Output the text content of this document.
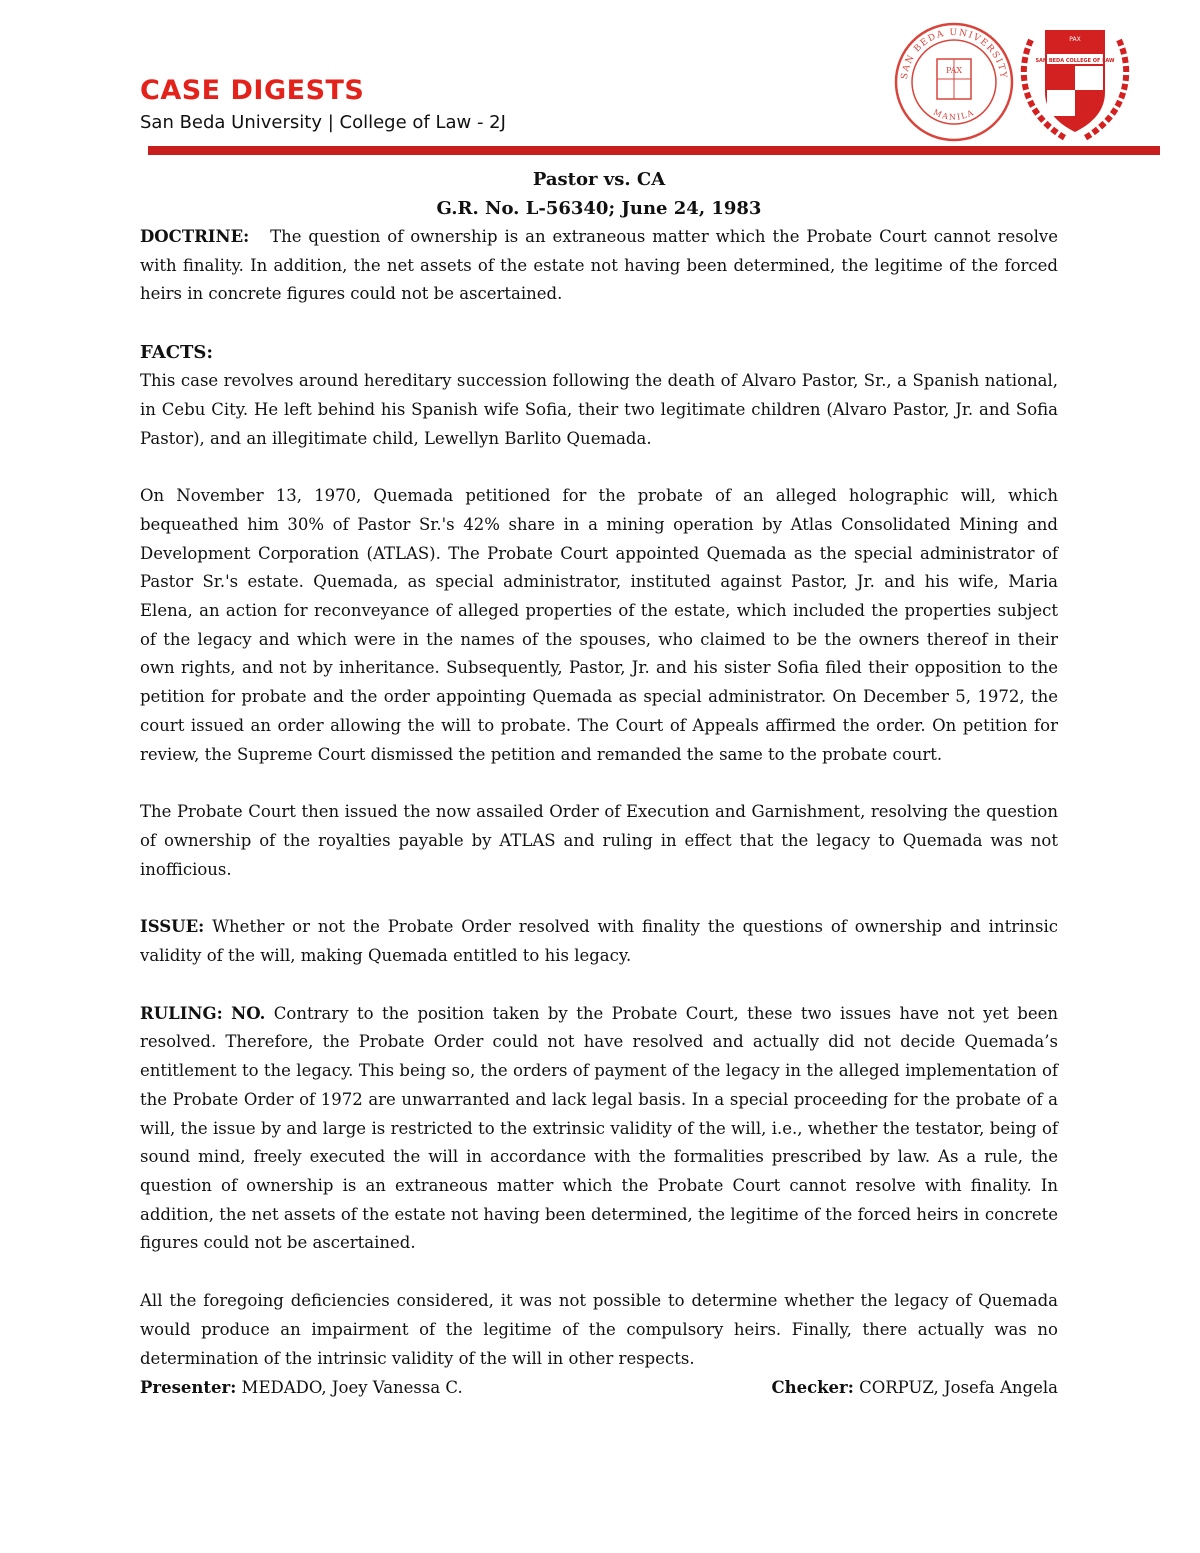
CASE DIGESTS
San Beda University | College of Law - 2J
SAN BEDA UNIVERSITY
MANILA
PAX
PAX
SAN BEDA COLLEGE OF LAW
Pastor vs. CA
G.R. No. L-56340; June 24, 1983

DOCTRINE: The question of ownership is an extraneous matter which the Probate Court cannot resolve with finality. In addition, the net assets of the estate not having been determined, the legitime of the forced heirs in concrete figures could not be ascertained.

FACTS:

This case revolves around hereditary succession following the death of Alvaro Pastor, Sr., a Spanish national, in Cebu City. He left behind his Spanish wife Sofia, their two legitimate children (Alvaro Pastor, Jr. and Sofia Pastor), and an illegitimate child, Lewellyn Barlito Quemada.

On November 13, 1970, Quemada petitioned for the probate of an alleged holographic will, which bequeathed him 30% of Pastor Sr.'s 42% share in a mining operation by Atlas Consolidated Mining and Development Corporation (ATLAS). The Probate Court appointed Quemada as the special administrator of Pastor Sr.'s estate. Quemada, as special administrator, instituted against Pastor, Jr. and his wife, Maria Elena, an action for reconveyance of alleged properties of the estate, which included the properties subject of the legacy and which were in the names of the spouses, who claimed to be the owners thereof in their own rights, and not by inheritance. Subsequently, Pastor, Jr. and his sister Sofia filed their opposition to the petition for probate and the order appointing Quemada as special administrator. On December 5, 1972, the court issued an order allowing the will to probate. The Court of Appeals affirmed the order. On petition for review, the Supreme Court dismissed the petition and remanded the same to the probate court.

The Probate Court then issued the now assailed Order of Execution and Garnishment, resolving the question of ownership of the royalties payable by ATLAS and ruling in effect that the legacy to Quemada was not inofficious.

ISSUE: Whether or not the Probate Order resolved with finality the questions of ownership and intrinsic validity of the will, making Quemada entitled to his legacy.

RULING: NO. Contrary to the position taken by the Probate Court, these two issues have not yet been resolved. Therefore, the Probate Order could not have resolved and actually did not decide Quemada’s entitlement to the legacy. This being so, the orders of payment of the legacy in the alleged implementation of the Probate Order of 1972 are unwarranted and lack legal basis. In a special proceeding for the probate of a will, the issue by and large is restricted to the extrinsic validity of the will, i.e., whether the testator, being of sound mind, freely executed the will in accordance with the formalities prescribed by law. As a rule, the question of ownership is an extraneous matter which the Probate Court cannot resolve with finality. In addition, the net assets of the estate not having been determined, the legitime of the forced heirs in concrete figures could not be ascertained.

All the foregoing deficiencies considered, it was not possible to determine whether the legacy of Quemada would produce an impairment of the legitime of the compulsory heirs. Finally, there actually was no determination of the intrinsic validity of the will in other respects.

Presenter: MEDADO, Joey Vanessa C.	Checker: CORPUZ, Josefa Angela
